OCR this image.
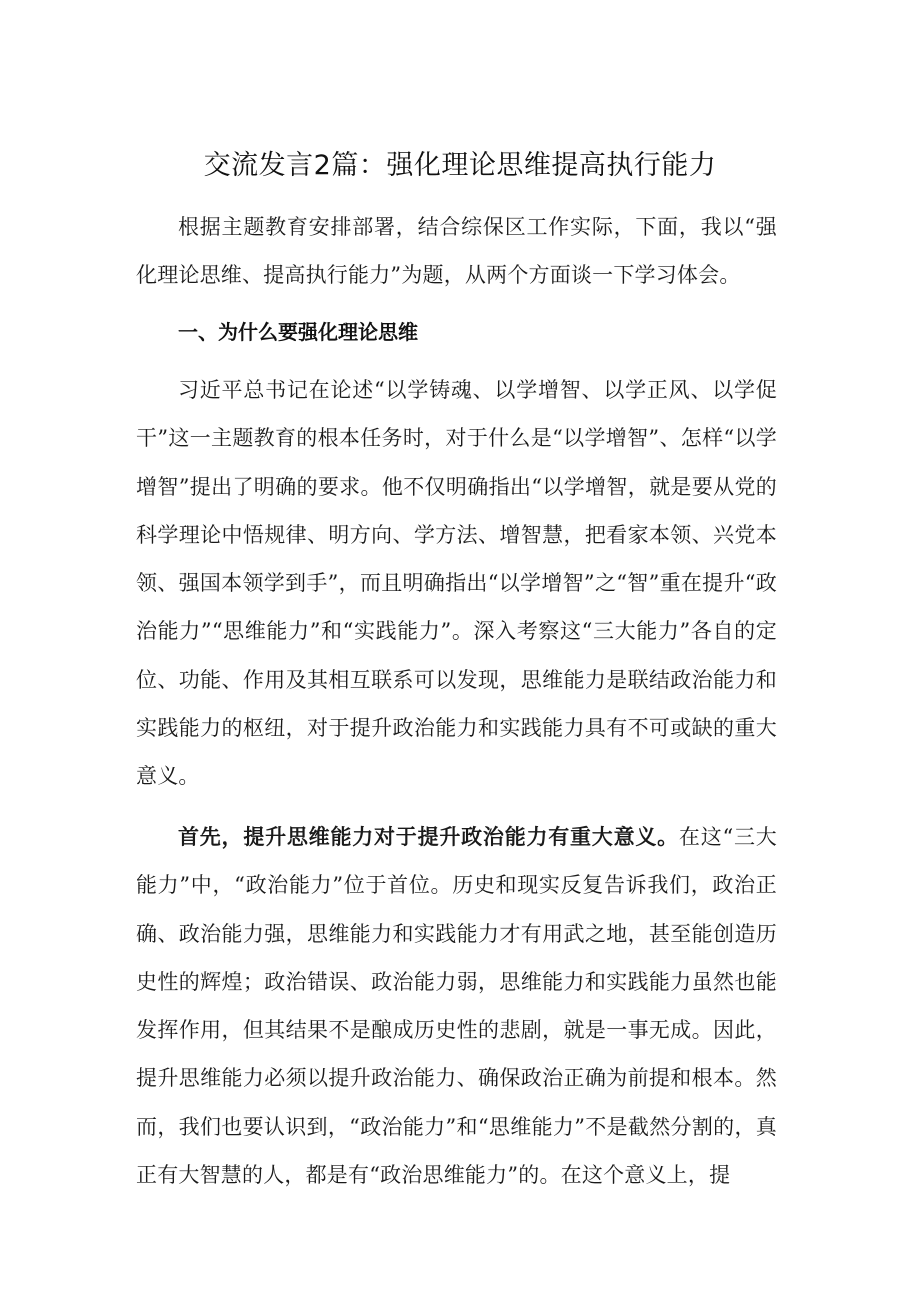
交流发言2篇：强化理论思维提高执行能力
根据主题教育安排部署，结合综保区工作实际，下面，我以“强化理论思维、提高执行能力”为题，从两个方面谈一下学习体会。
一、为什么要强化理论思维
习近平总书记在论述“以学铸魂、以学增智、以学正风、以学促干”这一主题教育的根本任务时，对于什么是“以学增智”、怎样“以学增智”提出了明确的要求。他不仅明确指出“以学增智，就是要从党的科学理论中悟规律、明方向、学方法、增智慧，把看家本领、兴党本领、强国本领学到手”，而且明确指出“以学增智”之“智”重在提升“政治能力”“思维能力”和“实践能力”。深入考察这“三大能力”各自的定位、功能、作用及其相互联系可以发现，思维能力是联结政治能力和实践能力的枢纽，对于提升政治能力和实践能力具有不可或缺的重大意义。
首先，提升思维能力对于提升政治能力有重大意义。在这“三大能力”中，“政治能力”位于首位。历史和现实反复告诉我们，政治正确、政治能力强，思维能力和实践能力才有用武之地，甚至能创造历史性的辉煌；政治错误、政治能力弱，思维能力和实践能力虽然也能发挥作用，但其结果不是酿成历史性的悲剧，就是一事无成。因此，提升思维能力必须以提升政治能力、确保政治正确为前提和根本。然而，我们也要认识到，“政治能力”和“思维能力”不是截然分割的，真正有大智慧的人，都是有“政治思维能力”的。在这个意义上，提
